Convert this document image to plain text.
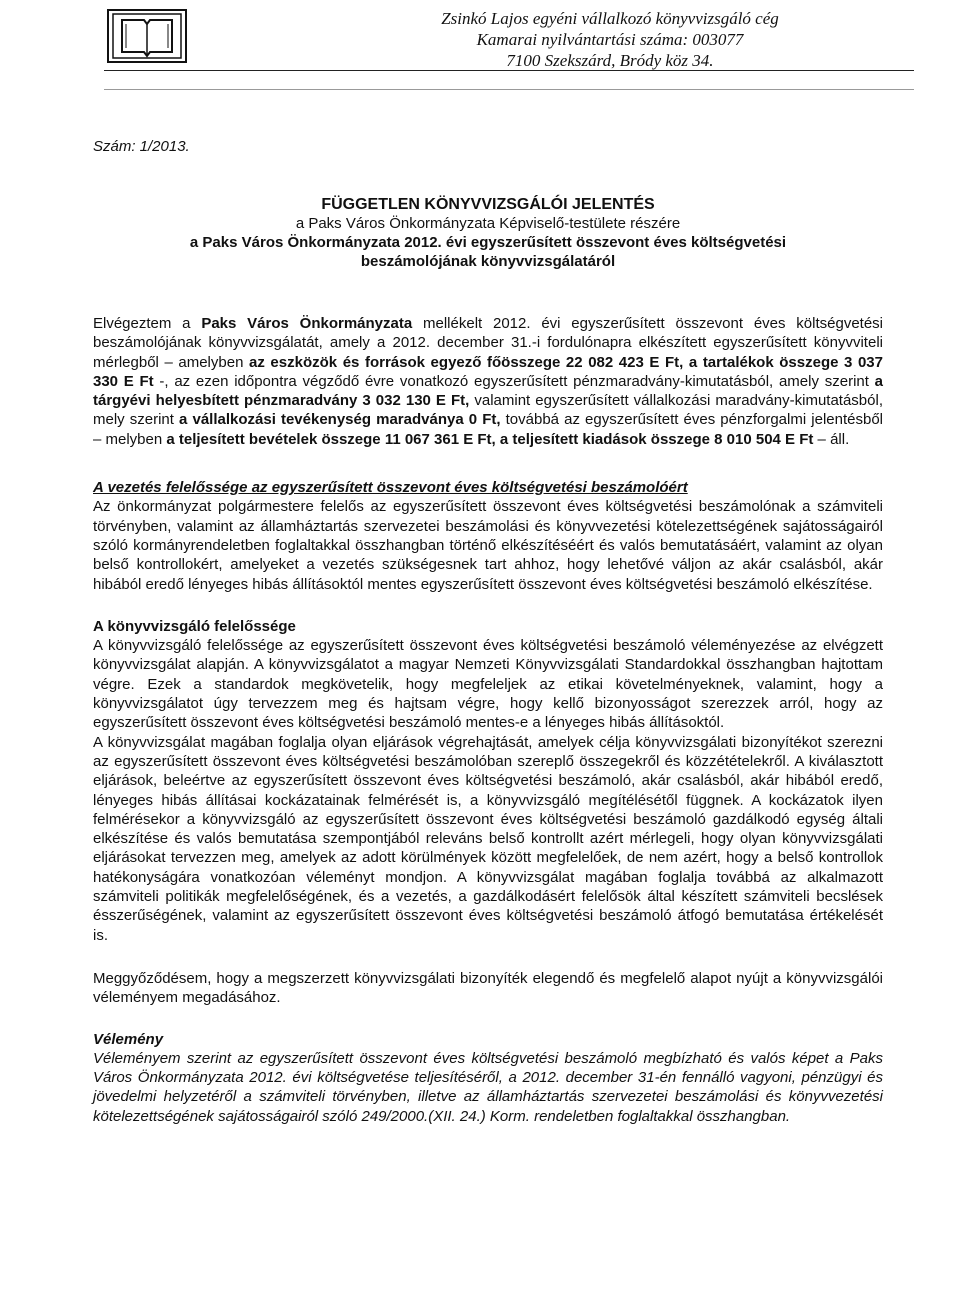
Zsinkó Lajos egyéni vállalkozó könyvvizsgáló cég
Kamarai nyilvántartási száma: 003077
7100 Szekszárd, Bródy köz 34.
Szám: 1/2013.
FÜGGETLEN KÖNYVVIZSGÁLÓI JELENTÉS
a Paks Város Önkormányzata Képviselő-testülete részére
a Paks Város Önkormányzata 2012. évi egyszerűsített összevont éves költségvetési
beszámolójának könyvvizsgálatáról

Elvégeztem a Paks Város Önkormányzata mellékelt 2012. évi egyszerűsített összevont éves költségvetési beszámolójának könyvvizsgálatát, amely a 2012. december 31.-i fordulónapra elkészített egyszerűsített könyvviteli mérlegből – amelyben az eszközök és források egyező főösszege 22 082 423 E Ft, a tartalékok összege 3 037 330 E Ft -, az ezen időpontra végződő évre vonatkozó egyszerűsített pénzmaradvány-kimutatásból, amely szerint a tárgyévi helyesbített pénzmaradvány 3 032 130 E Ft, valamint egyszerűsített vállalkozási maradvány-kimutatásból, mely szerint a vállalkozási tevékenység maradványa 0 Ft, továbbá az egyszerűsített éves pénzforgalmi jelentésből – melyben a teljesített bevételek összege 11 067 361 E Ft, a teljesített kiadások összege 8 010 504 E Ft – áll.

A vezetés felelőssége az egyszerűsített összevont éves költségvetési beszámolóért

Az önkormányzat polgármestere felelős az egyszerűsített összevont éves költségvetési beszámolónak a számviteli törvényben, valamint az államháztartás szervezetei beszámolási és könyvvezetési kötelezettségének sajátosságairól szóló kormányrendeletben foglaltakkal összhangban történő elkészítéséért és valós bemutatásáért, valamint az olyan belső kontrollokért, amelyeket a vezetés szükségesnek tart ahhoz, hogy lehetővé váljon az akár csalásból, akár hibából eredő lényeges hibás állításoktól mentes egyszerűsített összevont éves költségvetési beszámoló elkészítése.

A könyvvizsgáló felelőssége

A könyvvizsgáló felelőssége az egyszerűsített összevont éves költségvetési beszámoló véleményezése az elvégzett könyvvizsgálat alapján. A könyvvizsgálatot a magyar Nemzeti Könyvvizsgálati Standardokkal összhangban hajtottam végre. Ezek a standardok megkövetelik, hogy megfeleljek az etikai követelményeknek, valamint, hogy a könyvvizsgálatot úgy tervezzem meg és hajtsam végre, hogy kellő bizonyosságot szerezzek arról, hogy az egyszerűsített összevont éves költségvetési beszámoló mentes-e a lényeges hibás állításoktól.

A könyvvizsgálat magában foglalja olyan eljárások végrehajtását, amelyek célja könyvvizsgálati bizonyítékot szerezni az egyszerűsített összevont éves költségvetési beszámolóban szereplő összegekről és közzétételekről. A kiválasztott eljárások, beleértve az egyszerűsített összevont éves költségvetési beszámoló, akár csalásból, akár hibából eredő, lényeges hibás állításai kockázatainak felmérését is, a könyvvizsgáló megítélésétől függnek. A kockázatok ilyen felmérésekor a könyvvizsgáló az egyszerűsített összevont éves költségvetési beszámoló gazdálkodó egység általi elkészítése és valós bemutatása szempontjából releváns belső kontrollt azért mérlegeli, hogy olyan könyvvizsgálati eljárásokat tervezzen meg, amelyek az adott körülmények között megfelelőek, de nem azért, hogy a belső kontrollok hatékonyságára vonatkozóan véleményt mondjon. A könyvvizsgálat magában foglalja továbbá az alkalmazott számviteli politikák megfelelőségének, és a vezetés, a gazdálkodásért felelősök által készített számviteli becslések ésszerűségének, valamint az egyszerűsített összevont éves költségvetési beszámoló átfogó bemutatása értékelését is.

Meggyőződésem, hogy a megszerzett könyvvizsgálati bizonyíték elegendő és megfelelő alapot nyújt a könyvvizsgálói véleményem megadásához.

Vélemény

Véleményem szerint az egyszerűsített összevont éves költségvetési beszámoló megbízható és valós képet a Paks Város Önkormányzata 2012. évi költségvetése teljesítéséről, a 2012. december 31-én fennálló vagyoni, pénzügyi és jövedelmi helyzetéről a számviteli törvényben, illetve az államháztartás szervezetei beszámolási és könyvvezetési kötelezettségének sajátosságairól szóló 249/2000.(XII. 24.) Korm. rendeletben foglaltakkal összhangban.
